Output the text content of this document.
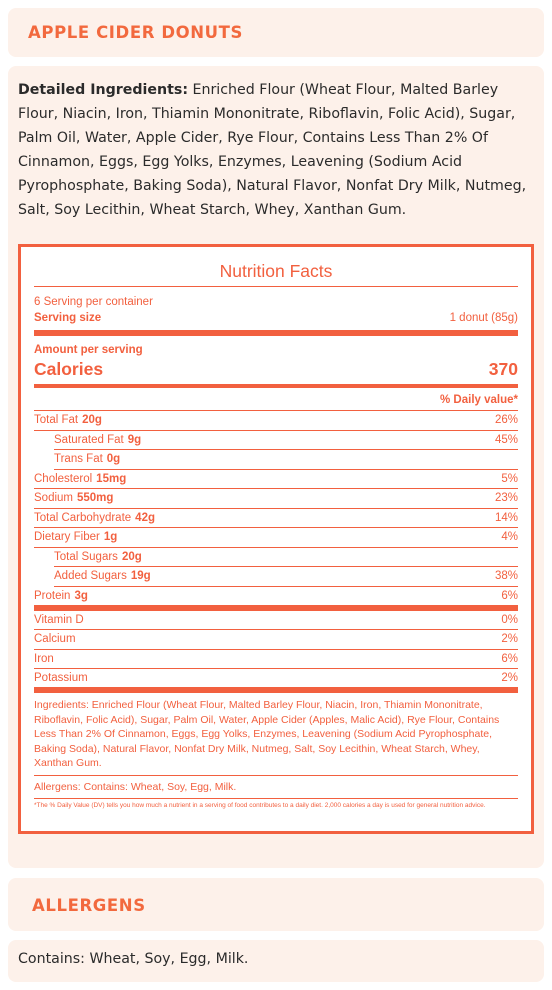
APPLE CIDER DONUTS

Detailed Ingredients: Enriched Flour (Wheat Flour, Malted Barley Flour, Niacin, Iron, Thiamin Mononitrate, Riboflavin, Folic Acid), Sugar, Palm Oil, Water, Apple Cider, Rye Flour, Contains Less Than 2% Of Cinnamon, Eggs, Egg Yolks, Enzymes, Leavening (Sodium Acid Pyrophosphate, Baking Soda), Natural Flavor, Nonfat Dry Milk, Nutmeg, Salt, Soy Lecithin, Wheat Starch, Whey, Xanthan Gum.

Nutrition Facts
6 Serving per container
Serving size	1 donut (85g)
Amount per serving
Calories	370
% Daily value*
Total Fat 20g	26%
Saturated Fat 9g	45%
Trans Fat 0g
Cholesterol 15mg	5%
Sodium 550mg	23%
Total Carbohydrate 42g	14%
Dietary Fiber 1g	4%
Total Sugars 20g
Added Sugars 19g	38%
Protein 3g	6%
Vitamin D	0%
Calcium	2%
Iron	6%
Potassium	2%
Ingredients: Enriched Flour (Wheat Flour, Malted Barley Flour, Niacin, Iron, Thiamin Mononitrate, Riboflavin, Folic Acid), Sugar, Palm Oil, Water, Apple Cider (Apples, Malic Acid), Rye Flour, Contains Less Than 2% Of Cinnamon, Eggs, Egg Yolks, Enzymes, Leavening (Sodium Acid Pyrophosphate, Baking Soda), Natural Flavor, Nonfat Dry Milk, Nutmeg, Salt, Soy Lecithin, Wheat Starch, Whey, Xanthan Gum.
Allergens: Contains: Wheat, Soy, Egg, Milk.
*The % Daily Value (DV) tells you how much a nutrient in a serving of food contributes to a daily diet. 2,000 calories a day is used for general nutrition advice.
ALLERGENS

Contains: Wheat, Soy, Egg, Milk.
